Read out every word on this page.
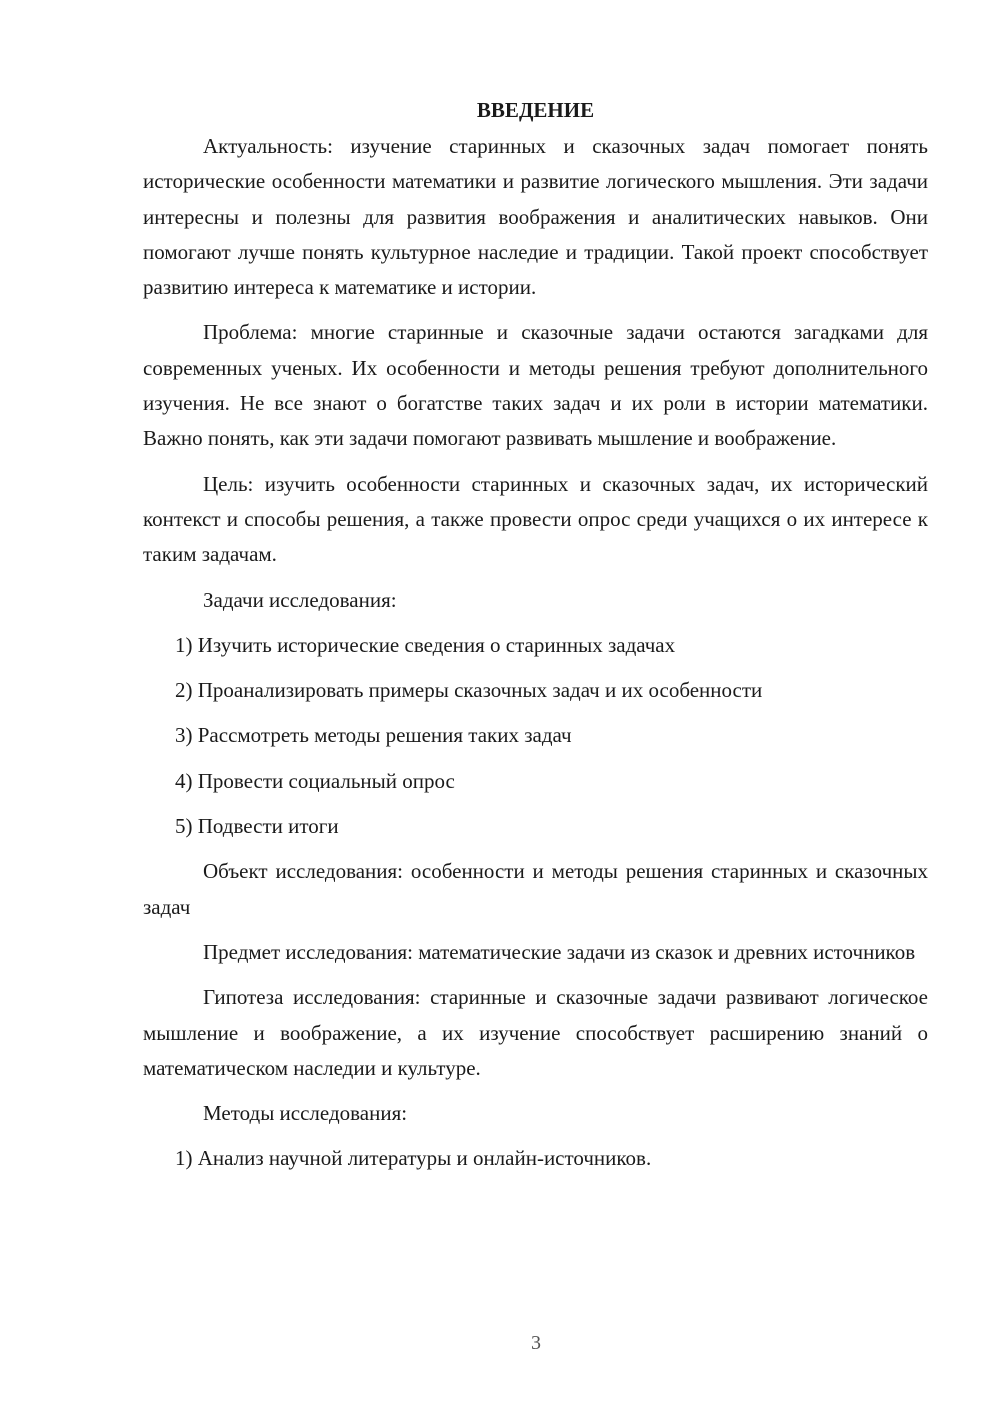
ВВЕДЕНИЕ

Актуальность: изучение старинных и сказочных задач помогает понять исторические особенности математики и развитие логического мышления. Эти задачи интересны и полезны для развития воображения и аналитических навыков. Они помогают лучше понять культурное наследие и традиции. Такой проект способствует развитию интереса к математике и истории.

Проблема: многие старинные и сказочные задачи остаются загадками для современных ученых. Их особенности и методы решения требуют дополнительного изучения. Не все знают о богатстве таких задач и их роли в истории математики. Важно понять, как эти задачи помогают развивать мышление и воображение.

Цель: изучить особенности старинных и сказочных задач, их исторический контекст и способы решения, а также провести опрос среди учащихся о их интересе к таким задачам.

Задачи исследования:
1) Изучить исторические сведения о старинных задачах
2) Проанализировать примеры сказочных задач и их особенности
3) Рассмотреть методы решения таких задач
4) Провести социальный опрос
5) Подвести итоги

Объект исследования: особенности и методы решения старинных и сказочных задач

Предмет исследования: математические задачи из сказок и древних источников

Гипотеза исследования: старинные и сказочные задачи развивают логическое мышление и воображение, а их изучение способствует расширению знаний о математическом наследии и культуре.

Методы исследования:
1) Анализ научной литературы и онлайн-источников.
3
